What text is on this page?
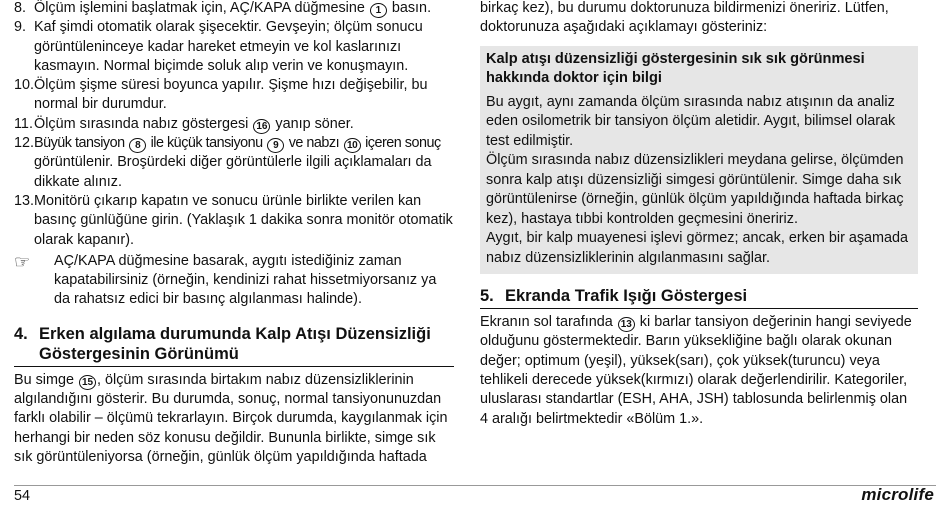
8. Ölçüm işlemini başlatmak için, AÇ/KAPA düğmesine 1 basın.
9. Kaf şimdi otomatik olarak şişecektir. Gevşeyin; ölçüm sonucu görüntüleninceye kadar hareket etmeyin ve kol kaslarınızı kasmayın. Normal biçimde soluk alıp verin ve konuşmayın.
10. Ölçüm şişme süresi boyunca yapılır. Şişme hızı değişebilir, bu normal bir durumdur.
11. Ölçüm sırasında nabız göstergesi 16 yanıp söner.
12. Büyük tansiyon 8 ile küçük tansiyonu 9 ve nabzı 10 içeren sonuç görüntülenir. Broşürdeki diğer görüntülerle ilgili açıklamaları da dikkate alınız.
13. Monitörü çıkarıp kapatın ve sonucu ürünle birlikte verilen kan basınç günlüğüne girin. (Yaklaşık 1 dakika sonra monitör otomatik olarak kapanır).
☞	AÇ/KAPA düğmesine basarak, aygıtı istediğiniz zaman kapatabilirsiniz (örneğin, kendinizi rahat hissetmiyorsanız ya da rahatsız edici bir basınç algılanması halinde).
4. Erken algılama durumunda Kalp Atışı Düzensizliği Göstergesinin Görünümü

Bu simge 15 , ölçüm sırasında birtakım nabız düzensizliklerinin algılandığını gösterir. Bu durumda, sonuç, normal tansiyonunuzdan farklı olabilir – ölçümü tekrarlayın. Birçok durumda, kaygılanmak için herhangi bir neden söz konusu değildir. Bununla birlikte, simge sık sık görüntüleniyorsa (örneğin, günlük ölçüm yapıldığında haftada

birkaç kez), bu durumu doktorunuza bildirmenizi öneririz. Lütfen, doktorunuza aşağıdaki açıklamayı gösteriniz:

Kalp atışı düzensizliği göstergesinin sık sık görünmesi hakkında doktor için bilgi

Bu aygıt, aynı zamanda ölçüm sırasında nabız atışının da analiz eden osilometrik bir tansiyon ölçüm aletidir. Aygıt, bilimsel olarak test edilmiştir.

Ölçüm sırasında nabız düzensizlikleri meydana gelirse, ölçümden sonra kalp atışı düzensizliği simgesi görüntülenir. Simge daha sık görüntülenirse (örneğin, günlük ölçüm yapıldığında haftada birkaç kez), hastaya tıbbi kontrolden geçmesini öneririz.

Aygıt, bir kalp muayenesi işlevi görmez; ancak, erken bir aşamada nabız düzensizliklerinin algılanmasını sağlar.

5. Ekranda Trafik Işığı Göstergesi

Ekranın sol tarafında 13 ki barlar tansiyon değerinin hangi seviyede olduğunu göstermektedir. Barın yüksekliğine bağlı olarak okunan değer; optimum (yeşil), yüksek(sarı), çok yüksek(turuncu) veya tehlikeli derecede yüksek(kırmızı) olarak değerlendirilir. Kategoriler, uluslarası standartlar (ESH, AHA, JSH) tablosunda belirlenmiş olan 4 aralığı belirtmektedir «Bölüm 1.».

54	microlife
